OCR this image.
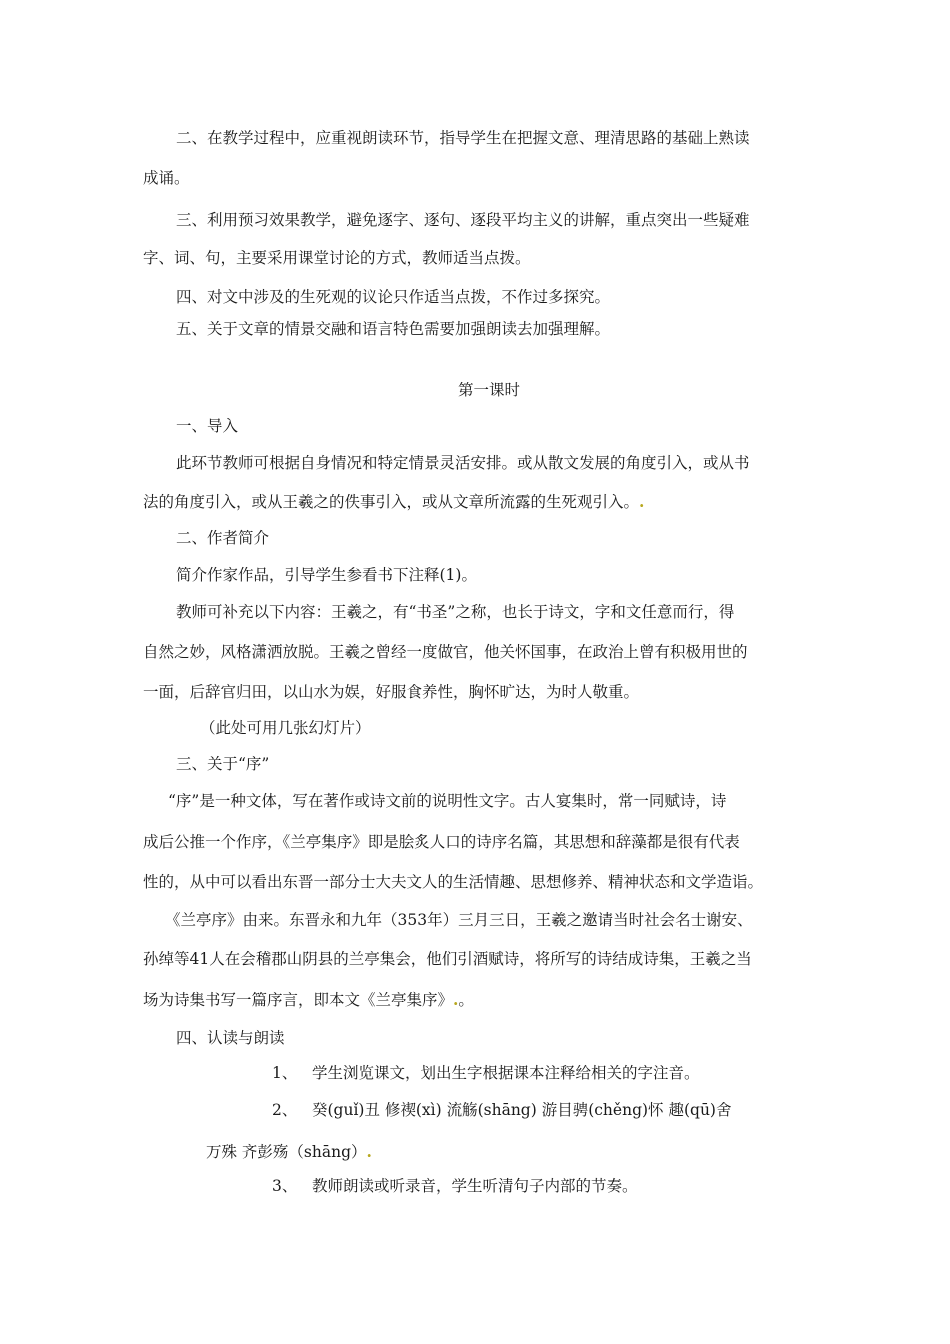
二、在教学过程中，应重视朗读环节，指导学生在把握文意、理清思路的基础上熟读
成诵。
三、利用预习效果教学，避免逐字、逐句、逐段平均主义的讲解，重点突出一些疑难
字、词、句，主要采用课堂讨论的方式，教师适当点拨。
四、对文中涉及的生死观的议论只作适当点拨，不作过多探究。
五、关于文章的情景交融和语言特色需要加强朗读去加强理解。
第一课时
一、导入
此环节教师可根据自身情况和特定情景灵活安排。或从散文发展的角度引入，或从书
法的角度引入，或从王羲之的佚事引入，或从文章所流露的生死观引入。.
二、作者简介
简介作家作品，引导学生参看书下注释(1)。
教师可补充以下内容：王羲之，有“书圣”之称，也长于诗文，字和文任意而行，得
自然之妙，风格潇洒放脱。王羲之曾经一度做官，他关怀国事，在政治上曾有积极用世的
一面，后辞官归田，以山水为娱，好服食养性，胸怀旷达，为时人敬重。
（此处可用几张幻灯片）
三、关于“序”
“序”是一种文体，写在著作或诗文前的说明性文字。古人宴集时，常一同赋诗，诗
成后公推一个作序，《兰亭集序》即是脍炙人口的诗序名篇，其思想和辞藻都是很有代表
性的，从中可以看出东晋一部分士大夫文人的生活情趣、思想修养、精神状态和文学造诣。
《兰亭序》由来。东晋永和九年（353年）三月三日，王羲之邀请当时社会名士谢安、
孙绰等41人在会稽郡山阴县的兰亭集会，他们引酒赋诗，将所写的诗结成诗集，王羲之当
场为诗集书写一篇序言，即本文《兰亭集序》.。
四、认读与朗读
1、 学生浏览课文，划出生字根据课本注释给相关的字注音。
2、 癸(guǐ)丑 修禊(xì) 流觞(shāng) 游目骋(chěng)怀 趣(qū)舍
万殊 齐彭殇（shāng）.
3、 教师朗读或听录音，学生听清句子内部的节奏。
